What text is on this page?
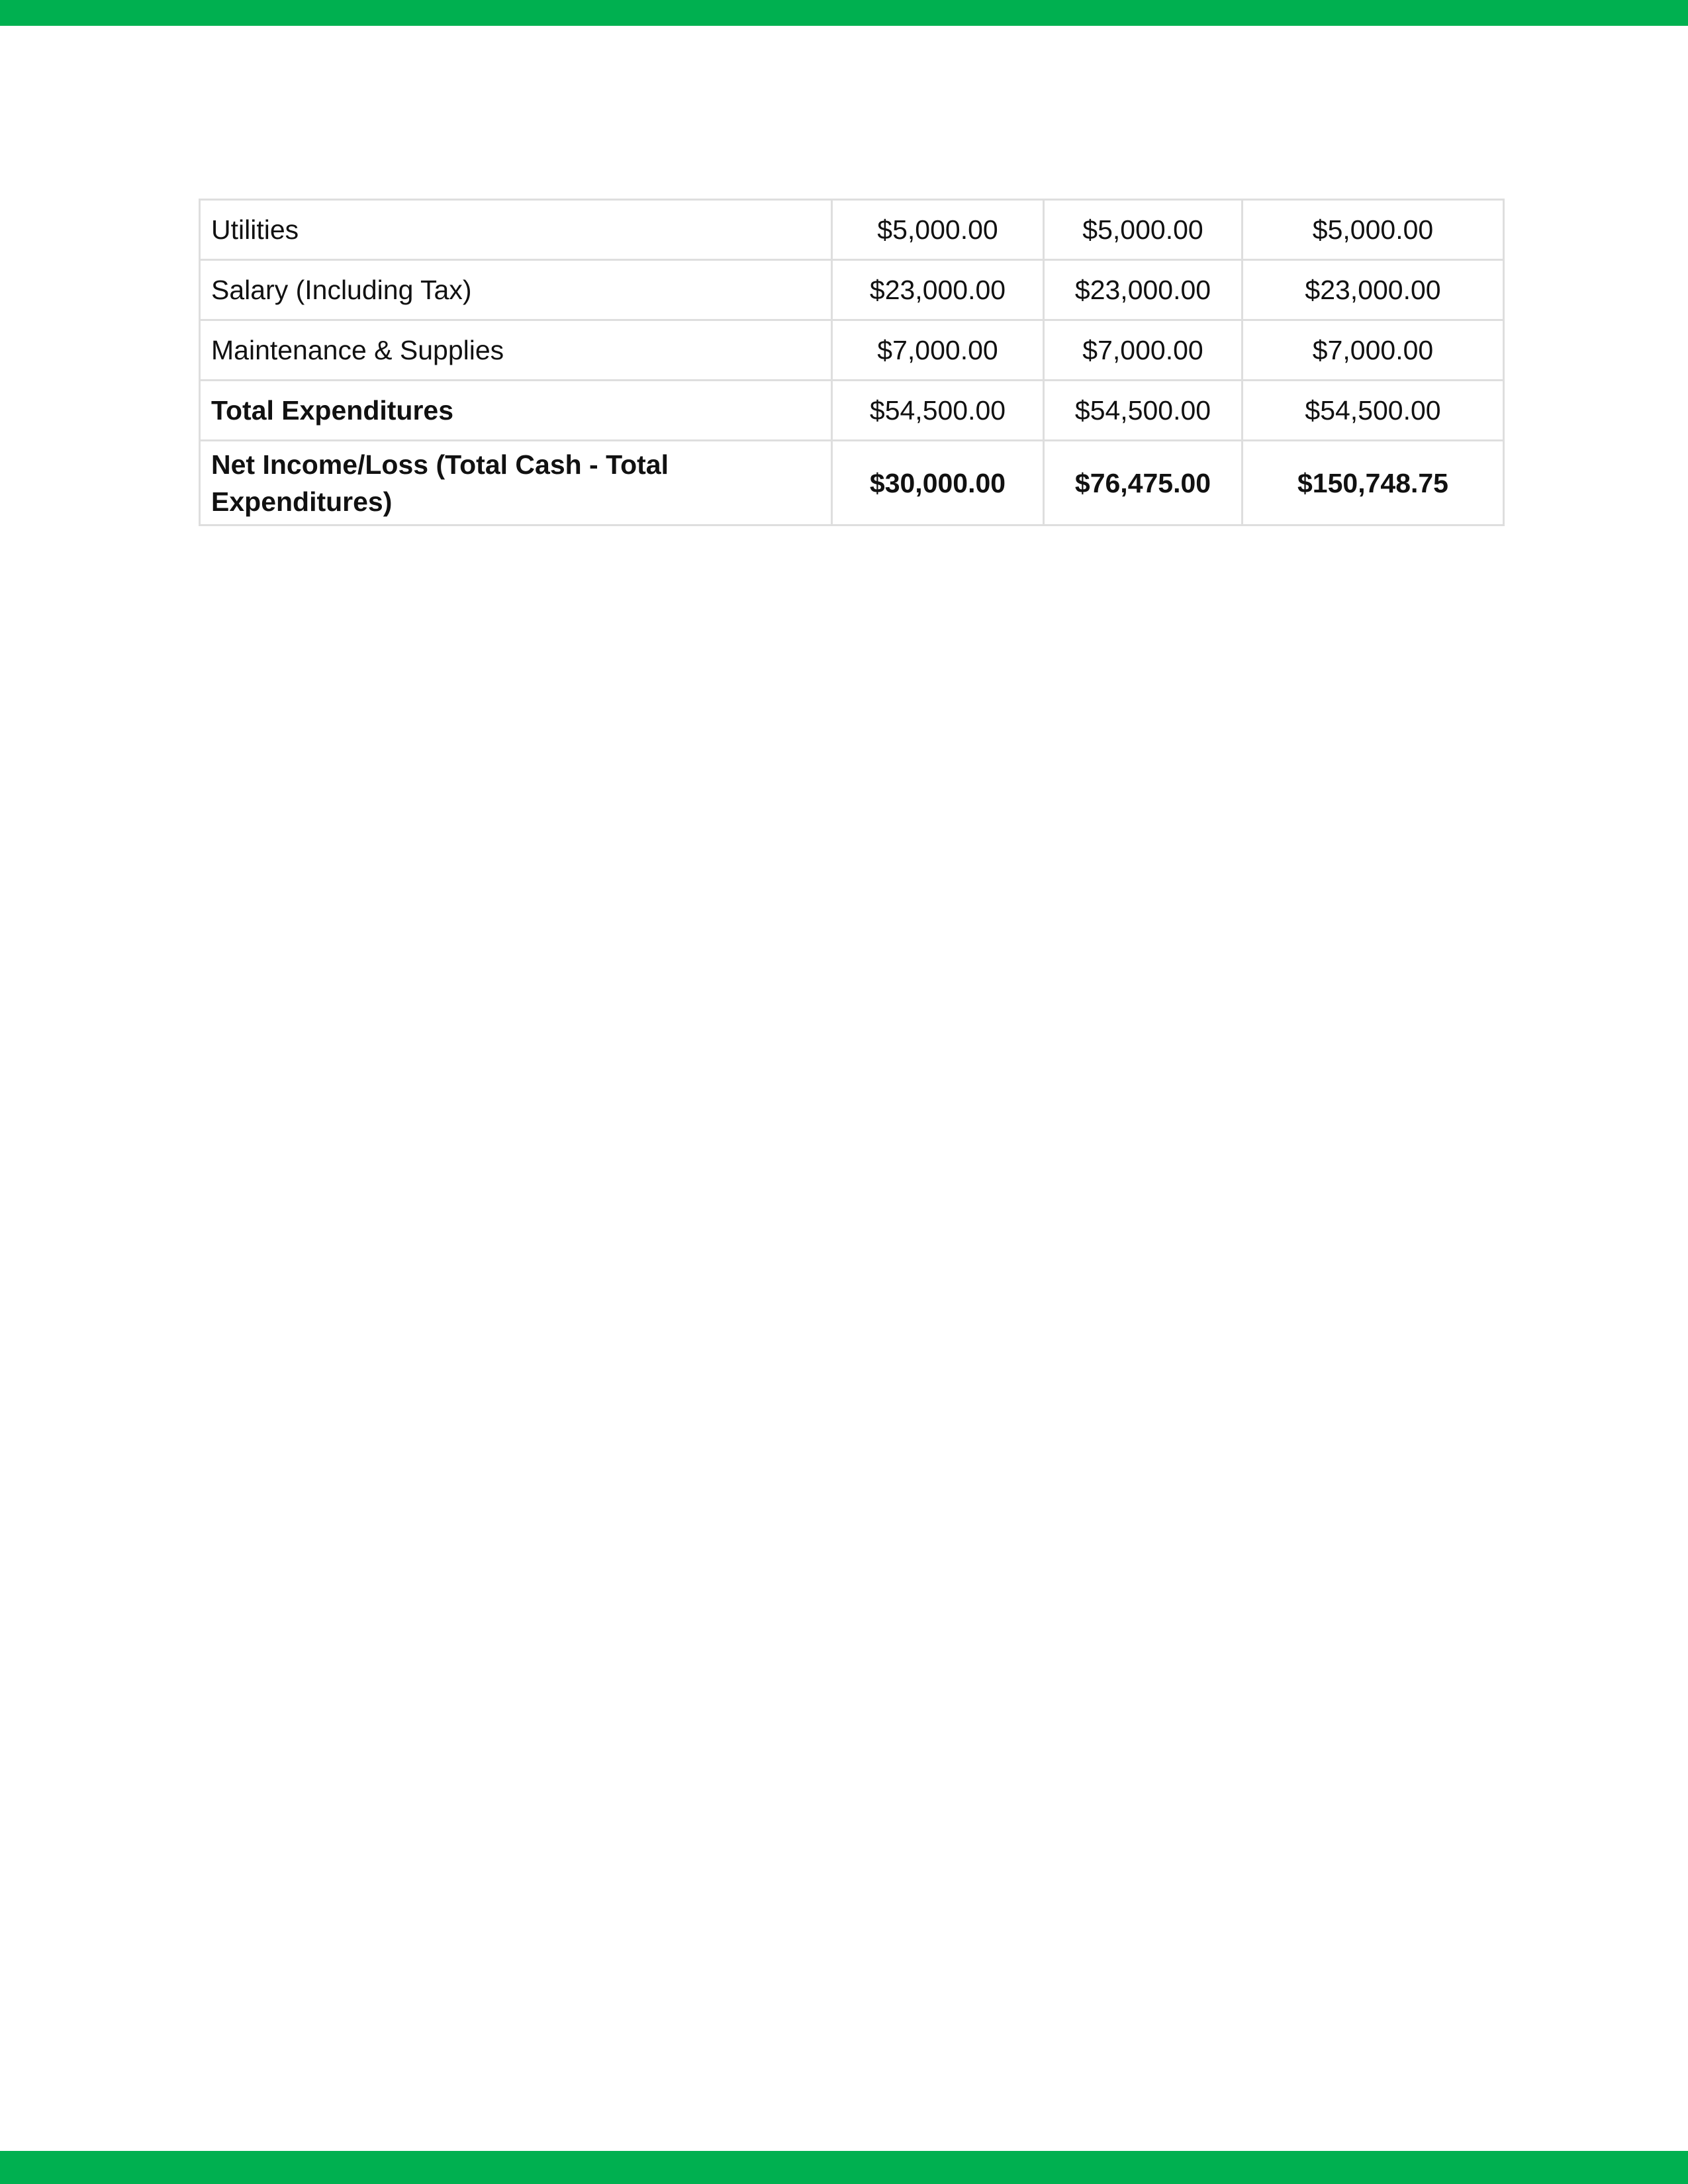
Utilities	$5,000.00	$5,000.00	$5,000.00
Salary (Including Tax)	$23,000.00	$23,000.00	$23,000.00
Maintenance & Supplies	$7,000.00	$7,000.00	$7,000.00
Total Expenditures	$54,500.00	$54,500.00	$54,500.00
Net Income/Loss (Total Cash - Total Expenditures)	$30,000.00	$76,475.00	$150,748.75
